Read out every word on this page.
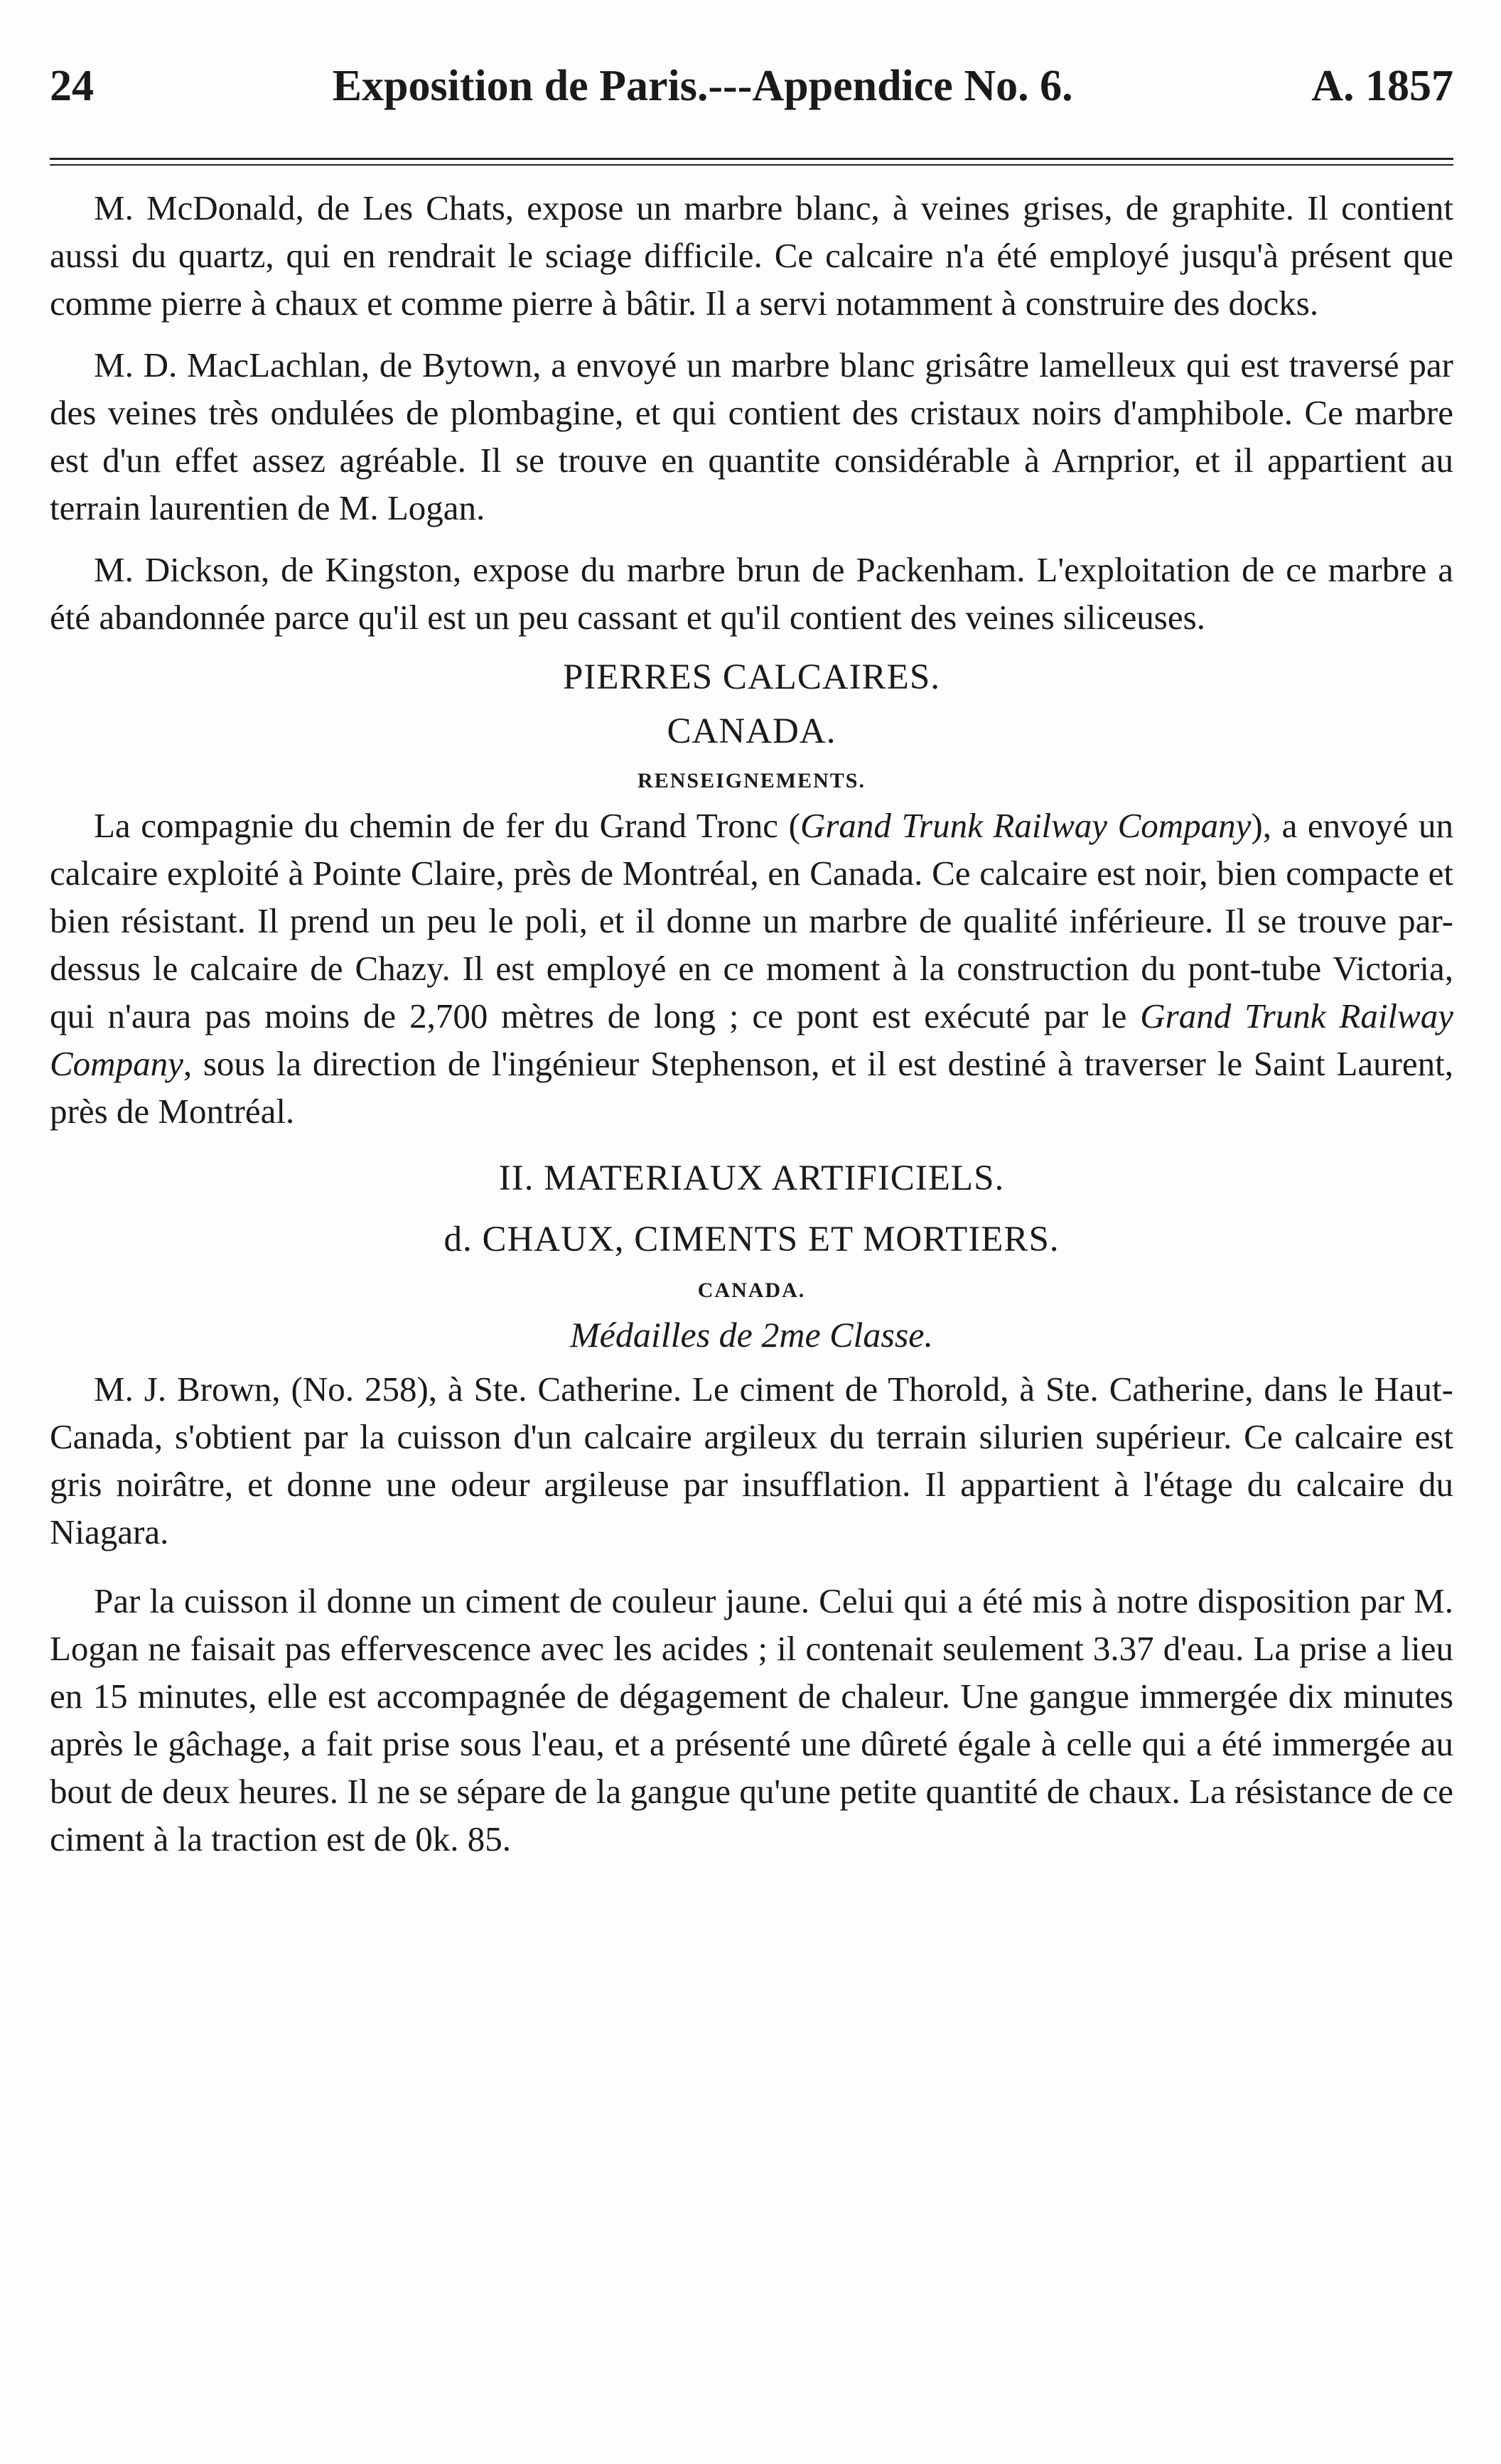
24	Exposition de Paris.---Appendice No. 6.	A. 1857

M. McDonald, de Les Chats, expose un marbre blanc, à veines grises, de graphite. Il contient aussi du quartz, qui en rendrait le sciage difficile. Ce calcaire n'a été employé jusqu'à présent que comme pierre à chaux et comme pierre à bâtir. Il a servi notamment à construire des docks.

M. D. MacLachlan, de Bytown, a envoyé un marbre blanc grisâtre lamelleux qui est traversé par des veines très ondulées de plombagine, et qui contient des cristaux noirs d'amphibole. Ce marbre est d'un effet assez agréable. Il se trouve en quantite considérable à Arnprior, et il appartient au terrain laurentien de M. Logan.

M. Dickson, de Kingston, expose du marbre brun de Packenham. L'exploitation de ce marbre a été abandonnée parce qu'il est un peu cassant et qu'il contient des veines siliceuses.

PIERRES CALCAIRES.

CANADA.

RENSEIGNEMENTS.

La compagnie du chemin de fer du Grand Tronc (Grand Trunk Railway Company), a envoyé un calcaire exploité à Pointe Claire, près de Montréal, en Canada. Ce calcaire est noir, bien compacte et bien résistant. Il prend un peu le poli, et il donne un marbre de qualité inférieure. Il se trouve par-dessus le calcaire de Chazy. Il est employé en ce moment à la construction du pont-tube Victoria, qui n'aura pas moins de 2,700 mètres de long ; ce pont est exécuté par le Grand Trunk Railway Company, sous la direction de l'ingénieur Stephenson, et il est destiné à traverser le Saint Laurent, près de Montréal.

II. MATERIAUX ARTIFICIELS.

d. CHAUX, CIMENTS ET MORTIERS.

CANADA.

Médailles de 2me Classe.

M. J. Brown, (No. 258), à Ste. Catherine. Le ciment de Thorold, à Ste. Catherine, dans le Haut-Canada, s'obtient par la cuisson d'un calcaire argileux du terrain silurien supérieur. Ce calcaire est gris noirâtre, et donne une odeur argileuse par insufflation. Il appartient à l'étage du calcaire du Niagara.

Par la cuisson il donne un ciment de couleur jaune. Celui qui a été mis à notre disposition par M. Logan ne faisait pas effervescence avec les acides ; il contenait seulement 3.37 d'eau. La prise a lieu en 15 minutes, elle est accompagnée de dégagement de chaleur. Une gangue immergée dix minutes après le gâchage, a fait prise sous l'eau, et a présenté une dûreté égale à celle qui a été immergée au bout de deux heures. Il ne se sépare de la gangue qu'une petite quantité de chaux. La résistance de ce ciment à la traction est de 0k. 85.
